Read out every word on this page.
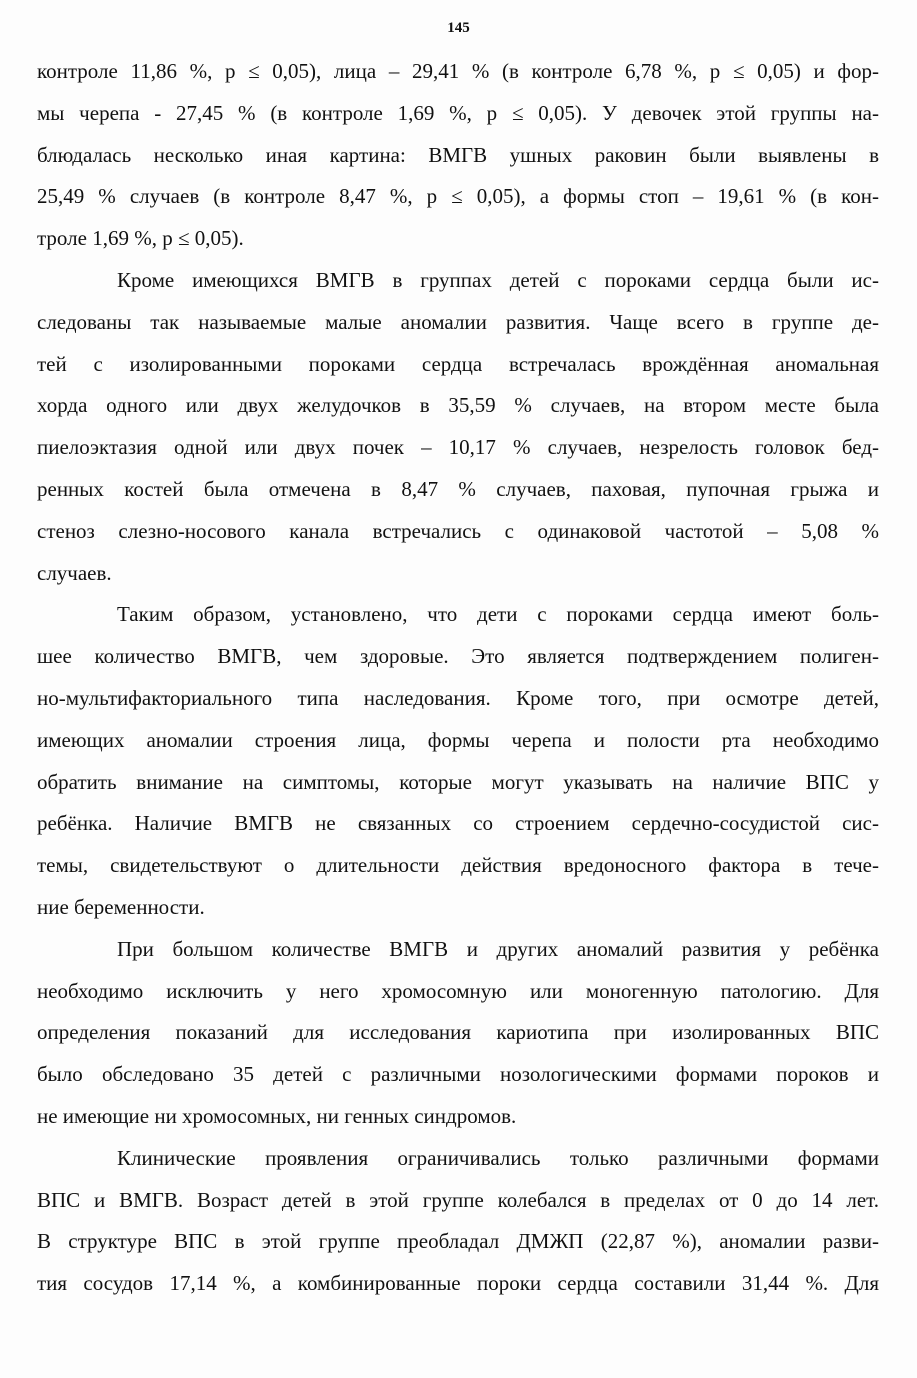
145

контроле 11,86 %, p ≤ 0,05), лица – 29,41 % (в контроле 6,78 %, p ≤ 0,05) и фор-
мы черепа - 27,45 % (в контроле 1,69 %, p ≤ 0,05). У девочек этой группы на-
блюдалась несколько иная картина: ВМГВ ушных раковин были выявлены в
25,49 % случаев (в контроле 8,47 %, p ≤ 0,05), а формы стоп – 19,61 % (в кон-
троле 1,69 %, p ≤ 0,05).

Кроме имеющихся ВМГВ в группах детей с пороками сердца были ис-
следованы так называемые малые аномалии развития. Чаще всего в группе де-
тей с изолированными пороками сердца встречалась врождённая аномальная
хорда одного или двух желудочков в 35,59 % случаев, на втором месте была
пиелоэктазия одной или двух почек – 10,17 % случаев, незрелость головок бед-
ренных костей была отмечена в 8,47 % случаев, паховая, пупочная грыжа и
стеноз слезно-носового канала встречались с одинаковой частотой – 5,08 %
случаев.

Таким образом, установлено, что дети с пороками сердца имеют боль-
шее количество ВМГВ, чем здоровые. Это является подтверждением полиген-
но-мультифакториального типа наследования. Кроме того, при осмотре детей,
имеющих аномалии строения лица, формы черепа и полости рта необходимо
обратить внимание на симптомы, которые могут указывать на наличие ВПС у
ребёнка. Наличие ВМГВ не связанных со строением сердечно-сосудистой сис-
темы, свидетельствуют о длительности действия вредоносного фактора в тече-
ние беременности.

При большом количестве ВМГВ и других аномалий развития у ребёнка
необходимо исключить у него хромосомную или моногенную патологию. Для
определения показаний для исследования кариотипа при изолированных ВПС
было обследовано 35 детей с различными нозологическими формами пороков и
не имеющие ни хромосомных, ни генных синдромов.

Клинические проявления ограничивались только различными формами
ВПС и ВМГВ. Возраст детей в этой группе колебался в пределах от 0 до 14 лет.
В структуре ВПС в этой группе преобладал ДМЖП (22,87 %), аномалии разви-
тия сосудов 17,14 %, а комбинированные пороки сердца составили 31,44 %. Для
